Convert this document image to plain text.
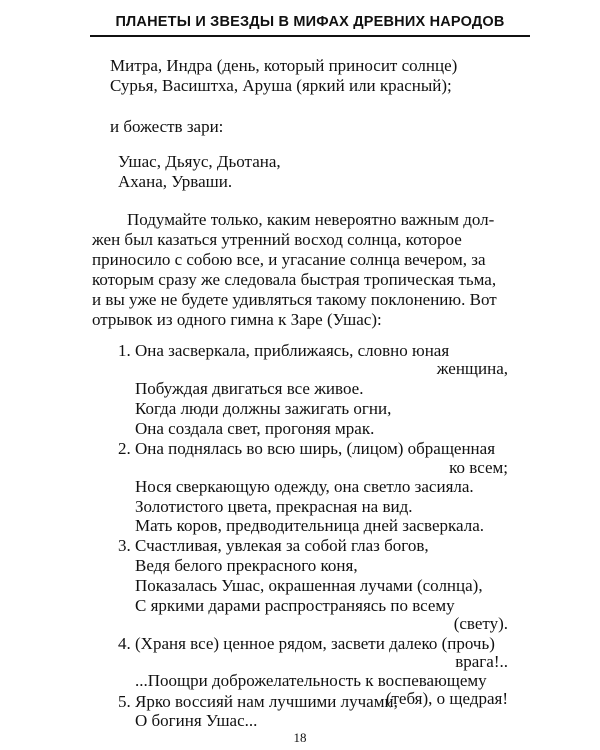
ПЛАНЕТЫ И ЗВЕЗДЫ В МИФАХ ДРЕВНИХ НАРОДОВ

Митра, Индра (день, который приносит солнце)

Сурья, Васиштха, Аруша (яркий или красный);

и божеств зари:

Ушас, Дьяус, Дьотана,

Ахана, Урваши.

Подумайте только, каким невероятно важным дол-

жен был казаться утренний восход солнца, которое

приносило с собою все, и угасание солнца вечером, за

которым сразу же следовала быстрая тропическая тьма,

и вы уже не будете удивляться такому поклонению. Вот

отрывок из одного гимна к Заре (Ушас):

1. Она засверкала, приближаясь, словно юная

женщина,

Побуждая двигаться все живое.

Когда люди должны зажигать огни,

Она создала свет, прогоняя мрак.

2. Она поднялась во всю ширь, (лицом) обращенная

ко всем;

Нося сверкающую одежду, она светло засияла.

Золотистого цвета, прекрасная на вид.

Мать коров, предводительница дней засверкала.

3. Счастливая, увлекая за собой глаз богов,

Ведя белого прекрасного коня,

Показалась Ушас, окрашенная лучами (солнца),

С яркими дарами распространяясь по всему

(свету).

4. (Храня все) ценное рядом, засвети далеко (прочь)

врага!..

...Поощри доброжелательность к воспевающему

(тебя), о щедрая!

5. Ярко воссияй нам лучшими лучами,

О богиня Ушас...

18
